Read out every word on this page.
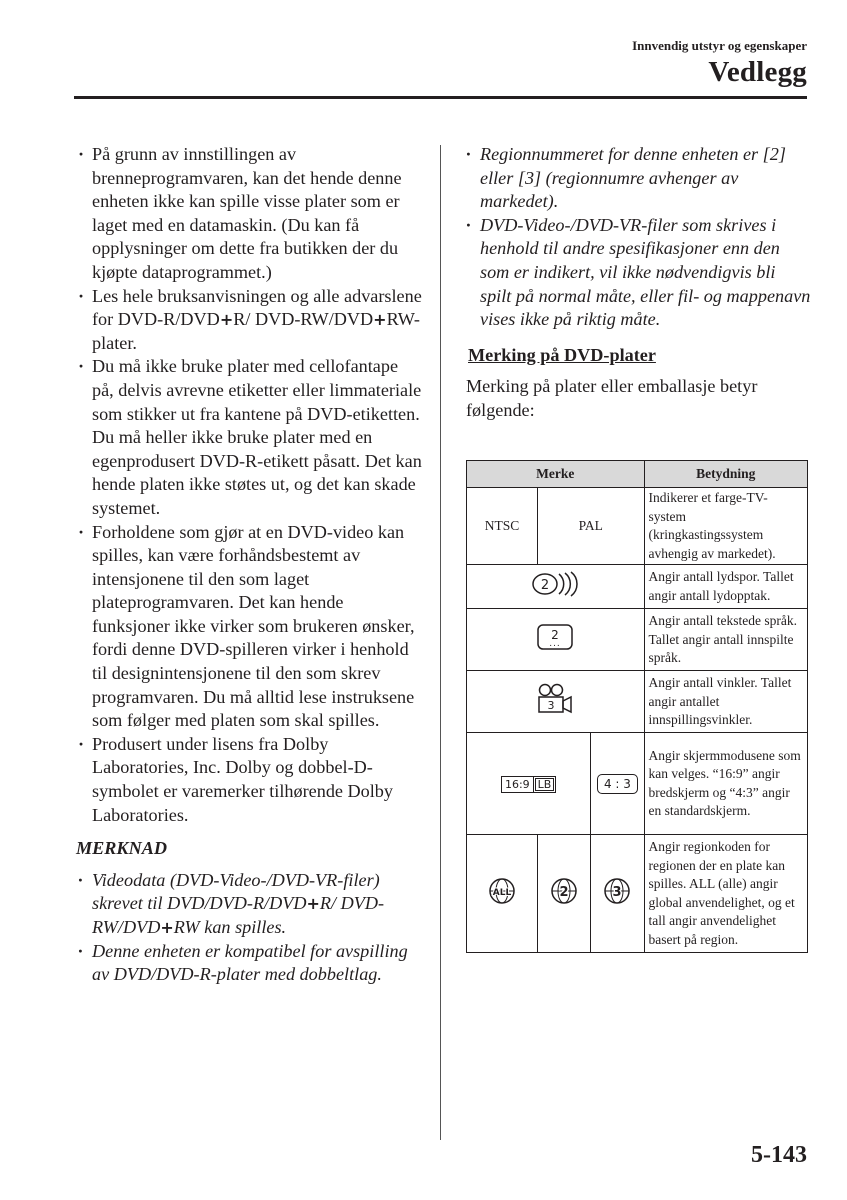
Innvendig utstyr og egenskaper
Vedlegg
· På grunn av innstillingen av brenneprogramvaren, kan det hende denne enheten ikke kan spille visse plater som er laget med en datamaskin. (Du kan få opplysninger om dette fra butikken der du kjøpte dataprogrammet.)
· Les hele bruksanvisningen og alle advarslene for DVD-R/DVD+R/ DVD-RW/DVD+RW-plater.
· Du må ikke bruke plater med cellofantape på, delvis avrevne etiketter eller limmateriale som stikker ut fra kantene på DVD-etiketten. Du må heller ikke bruke plater med en egenprodusert DVD-R-etikett påsatt. Det kan hende platen ikke støtes ut, og det kan skade systemet.
· Forholdene som gjør at en DVD-video kan spilles, kan være forhåndsbestemt av intensjonene til den som laget plateprogramvaren. Det kan hende funksjoner ikke virker som brukeren ønsker, fordi denne DVD-spilleren virker i henhold til designintensjonene til den som skrev programvaren. Du må alltid lese instruksene som følger med platen som skal spilles.
· Produsert under lisens fra Dolby Laboratories, Inc. Dolby og dobbel-D-symbolet er varemerker tilhørende Dolby Laboratories.
MERKNAD
· Videodata (DVD-Video-/DVD-VR-filer) skrevet til DVD/DVD-R/DVD+R/ DVD-RW/DVD+RW kan spilles.
· Denne enheten er kompatibel for avspilling av DVD/DVD-R-plater med dobbeltlag.
· Regionnummeret for denne enheten er [2] eller [3] (regionnumre avhenger av markedet).
· DVD-Video-/DVD-VR-filer som skrives i henhold til andre spesifikasjoner enn den som er indikert, vil ikke nødvendigvis bli spilt på normal måte, eller fil- og mappenavn vises ikke på riktig måte.
Merking på DVD-plater
Merking på plater eller emballasje betyr følgende:
Merke			Betydning
NTSC	PAL		Indikerer et farge-TV-system (kringkastingssystem avhengig av markedet).

2			Angir antall lydspor. Tallet angir antall lydopptak.

2
...			Angir antall tekstede språk. Tallet angir antall innspilte språk.

3			Angir antall vinkler. Tallet angir antallet innspillingsvinkler.

16:9 LB		4 : 3	Angir skjermmodusene som kan velges. “16:9” angir bredskjerm og “4:3” angir en standardskjerm.

ALL	2	3	Angir regionkoden for regionen der en plate kan spilles. ALL (alle) angir global anvendelighet, og et tall angir anvendelighet basert på region.
5-143
